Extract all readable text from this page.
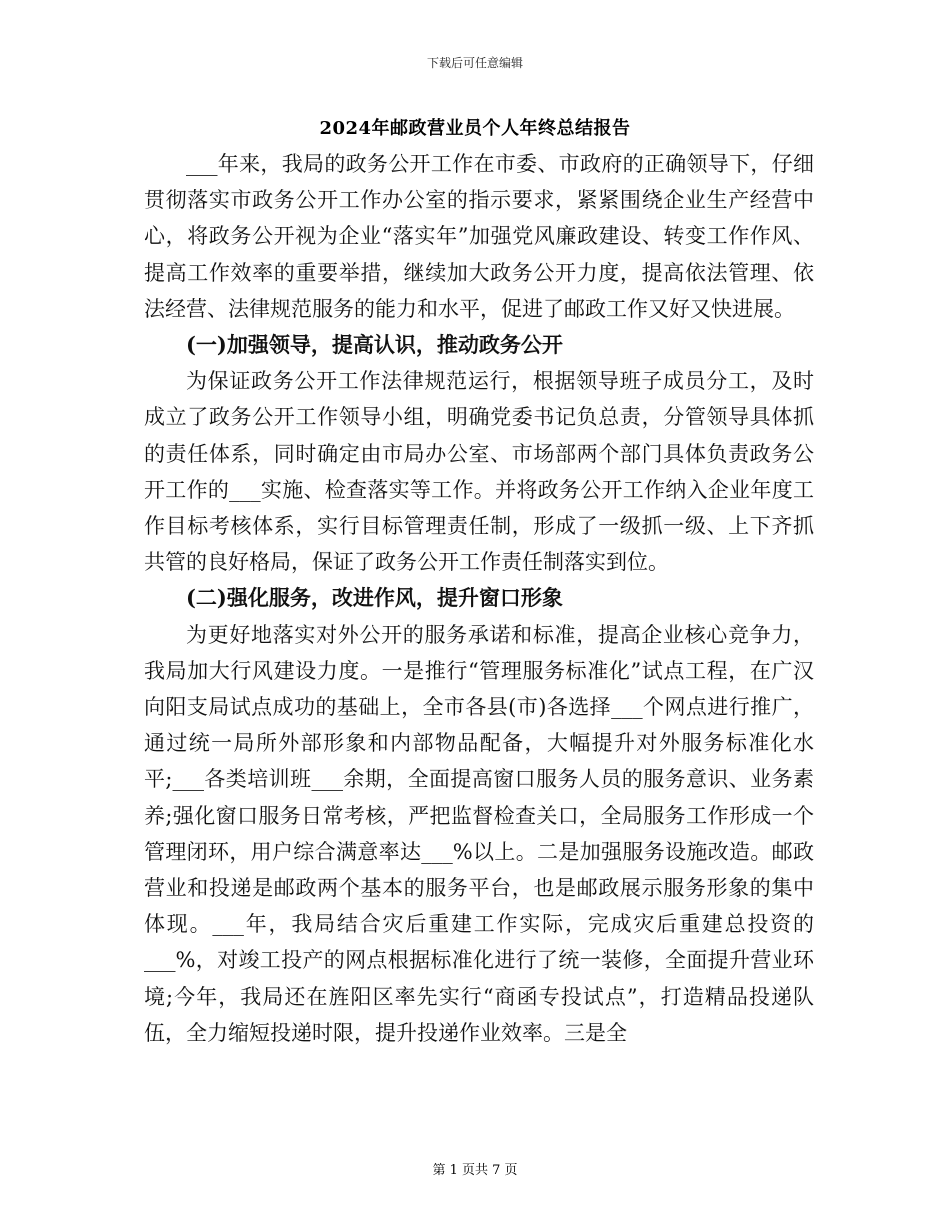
下载后可任意编辑
2024年邮政营业员个人年终总结报告

___年来，我局的政务公开工作在市委、市政府的正确领导下，仔细贯彻落实市政务公开工作办公室的指示要求，紧紧围绕企业生产经营中心，将政务公开视为企业“落实年”加强党风廉政建设、转变工作作风、提高工作效率的重要举措，继续加大政务公开力度，提高依法管理、依法经营、法律规范服务的能力和水平，促进了邮政工作又好又快进展。

(一)加强领导，提高认识，推动政务公开

为保证政务公开工作法律规范运行，根据领导班子成员分工，及时成立了政务公开工作领导小组，明确党委书记负总责，分管领导具体抓的责任体系，同时确定由市局办公室、市场部两个部门具体负责政务公开工作的___实施、检查落实等工作。并将政务公开工作纳入企业年度工作目标考核体系，实行目标管理责任制，形成了一级抓一级、上下齐抓共管的良好格局，保证了政务公开工作责任制落实到位。

(二)强化服务，改进作风，提升窗口形象

为更好地落实对外公开的服务承诺和标准，提高企业核心竞争力，我局加大行风建设力度。一是推行“管理服务标准化”试点工程，在广汉向阳支局试点成功的基础上，全市各县(市)各选择___个网点进行推广，通过统一局所外部形象和内部物品配备，大幅提升对外服务标准化水平;___各类培训班___余期，全面提高窗口服务人员的服务意识、业务素养;强化窗口服务日常考核，严把监督检查关口，全局服务工作形成一个管理闭环，用户综合满意率达___%以上。二是加强服务设施改造。邮政营业和投递是邮政两个基本的服务平台，也是邮政展示服务形象的集中体现。___年，我局结合灾后重建工作实际，完成灾后重建总投资的___%，对竣工投产的网点根据标准化进行了统一装修，全面提升营业环境;今年，我局还在旌阳区率先实行“商函专投试点”，打造精品投递队伍，全力缩短投递时限，提升投递作业效率。三是全

第 1 页共 7 页
